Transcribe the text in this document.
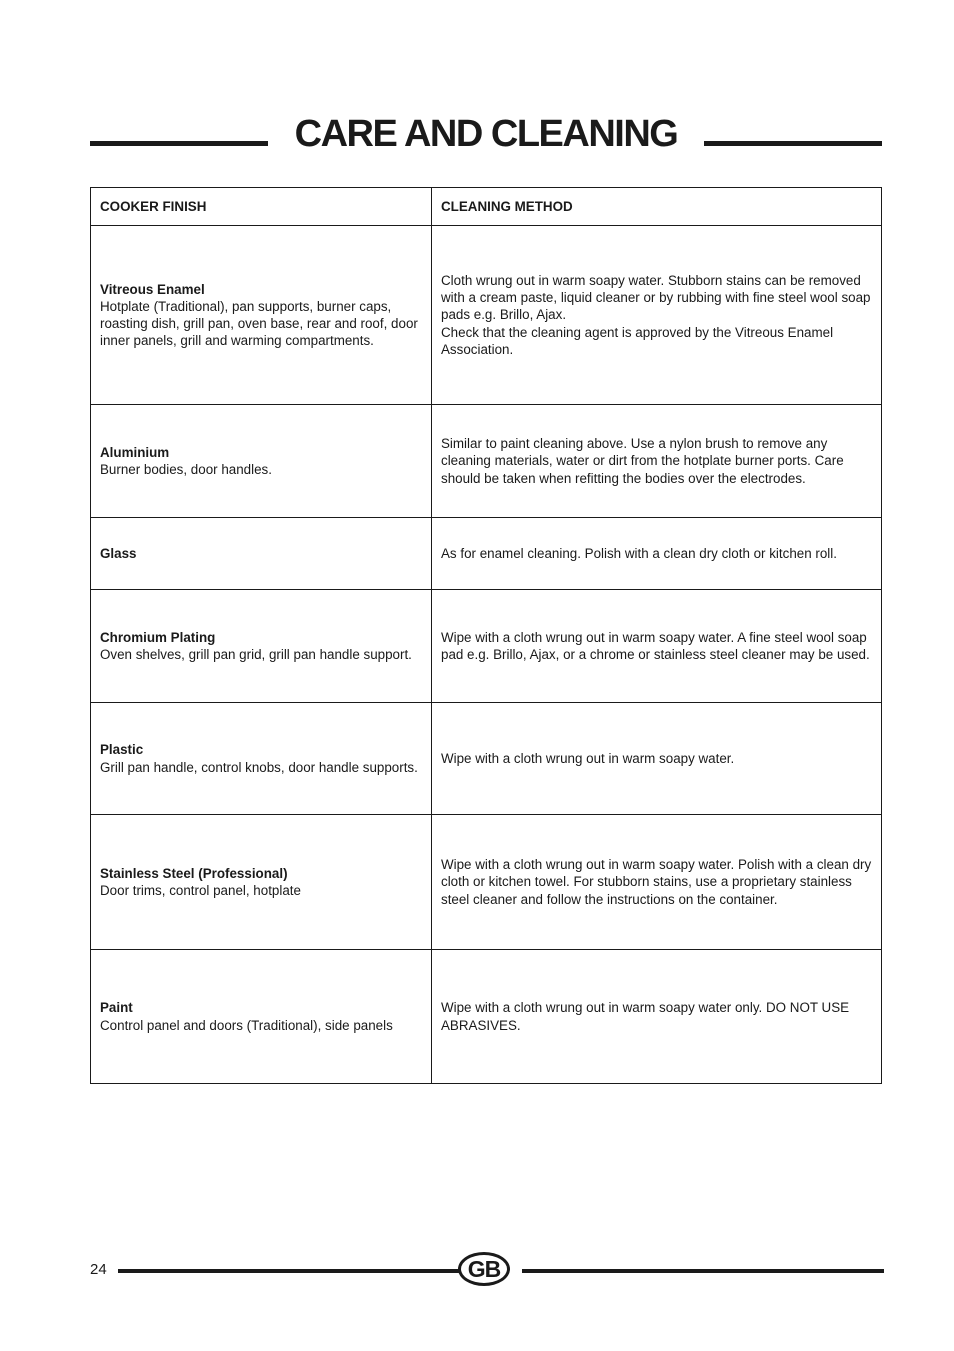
CARE AND CLEANING
COOKER FINISH	CLEANING METHOD

Vitreous Enamel
Hotplate (Traditional), pan supports, burner caps, roasting dish, grill pan, oven base, rear and roof, door inner panels, grill and warming compartments.	Cloth wrung out in warm soapy water. Stubborn stains can be removed with a cream paste, liquid cleaner or by rubbing with fine steel wool soap pads e.g. Brillo, Ajax.
Check that the cleaning agent is approved by the Vitreous Enamel Association.

Aluminium
Burner bodies, door handles.	Similar to paint cleaning above. Use a nylon brush to remove any cleaning materials, water or dirt from the hotplate burner ports. Care should be taken when refitting the bodies over the electrodes.

Glass	As for enamel cleaning. Polish with a clean dry cloth or kitchen roll.

Chromium Plating
Oven shelves, grill pan grid, grill pan handle support.	Wipe with a cloth wrung out in warm soapy water. A fine steel wool soap pad e.g. Brillo, Ajax, or a chrome or stainless steel cleaner may be used.

Plastic
Grill pan handle, control knobs, door handle supports.	Wipe with a cloth wrung out in warm soapy water.

Stainless Steel (Professional)
Door trims, control panel, hotplate	Wipe with a cloth wrung out in warm soapy water. Polish with a clean dry cloth or kitchen towel. For stubborn stains, use a proprietary stainless steel cleaner and follow the instructions on the container.

Paint
Control panel and doors (Traditional), side panels	Wipe with a cloth wrung out in warm soapy water only. DO NOT USE ABRASIVES.
24	GB
